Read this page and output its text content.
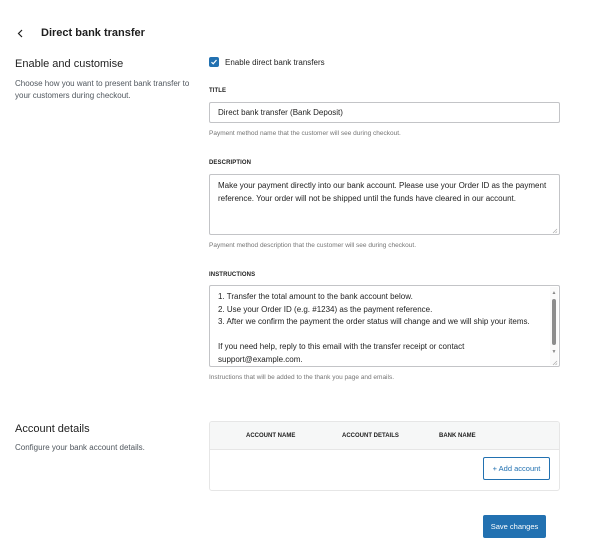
Direct bank transfer
Enable and customise
Choose how you want to present bank transfer to your customers during checkout.
Enable direct bank transfers
TITLE
Direct bank transfer (Bank Deposit)
Payment method name that the customer will see during checkout.
DESCRIPTION
Make your payment directly into our bank account. Please use your Order ID as the payment
reference. Your order will not be shipped until the funds have cleared in our account.
Payment method description that the customer will see during checkout.
INSTRUCTIONS
1. Transfer the total amount to the bank account below.
2. Use your Order ID (e.g. #1234) as the payment reference.
3. After we confirm the payment the order status will change and we will ship your items.
If you need help, reply to this email with the transfer receipt or contact
support@example.com.
▲
▼
Instructions that will be added to the thank you page and emails.
Account details
Configure your bank account details.
ACCOUNT NAME	ACCOUNT DETAILS	BANK NAME
+ Add account
Save changes
